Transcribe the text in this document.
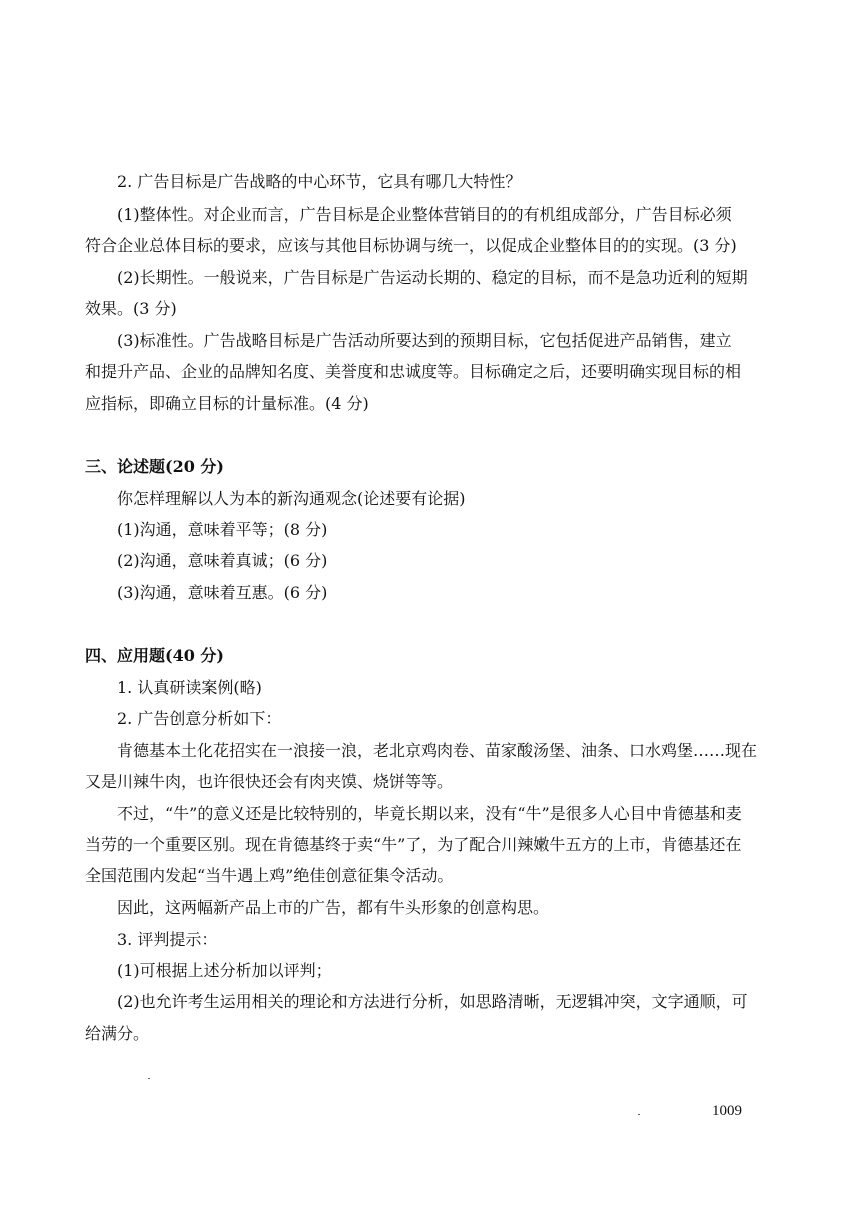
2. 广告目标是广告战略的中心环节，它具有哪几大特性？
(1)整体性。对企业而言，广告目标是企业整体营销目的的有机组成部分，广告目标必须
符合企业总体目标的要求，应该与其他目标协调与统一，以促成企业整体目的的实现。(3 分)
(2)长期性。一般说来，广告目标是广告运动长期的、稳定的目标，而不是急功近利的短期
效果。(3 分)
(3)标准性。广告战略目标是广告活动所要达到的预期目标，它包括促进产品销售，建立
和提升产品、企业的品牌知名度、美誉度和忠诚度等。目标确定之后，还要明确实现目标的相
应指标，即确立目标的计量标准。(4 分)
三、论述题(20 分)
你怎样理解以人为本的新沟通观念(论述要有论据)
(1)沟通，意味着平等；(8 分)
(2)沟通，意味着真诚；(6 分)
(3)沟通，意味着互惠。(6 分)
四、应用题(40 分)
1. 认真研读案例(略)
2. 广告创意分析如下：
肯德基本土化花招实在一浪接一浪，老北京鸡肉卷、苗家酸汤堡、油条、口水鸡堡……现在
又是川辣牛肉，也许很快还会有肉夹馍、烧饼等等。
不过，“牛”的意义还是比较特别的，毕竟长期以来，没有“牛”是很多人心目中肯德基和麦
当劳的一个重要区别。现在肯德基终于卖“牛”了，为了配合川辣嫩牛五方的上市，肯德基还在
全国范围内发起“当牛遇上鸡”绝佳创意征集令活动。
因此，这两幅新产品上市的广告，都有牛头形象的创意构思。
3. 评判提示：
(1)可根据上述分析加以评判；
(2)也允许考生运用相关的理论和方法进行分析，如思路清晰，无逻辑冲突，文字通顺，可
给满分。
1009
